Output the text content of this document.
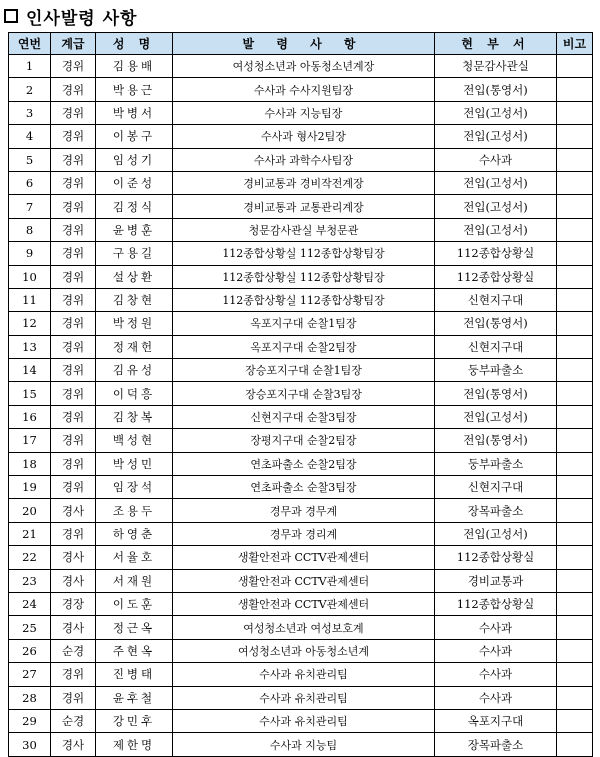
인사발령 사항
연번	계급	성 명	발 령 사 항	현 부 서	비고
1	경위	김용배	여성청소년과 아동청소년계장	청문감사관실	
2	경위	박용근	수사과 수사지원팀장	전입(통영서)	
3	경위	박병서	수사과 지능팀장	전입(고성서)	
4	경위	이봉구	수사과 형사2팀장	전입(고성서)	
5	경위	임성기	수사과 과학수사팀장	수사과	
6	경위	이준성	경비교통과 경비작전계장	전입(고성서)	
7	경위	김정식	경비교통과 교통관리계장	전입(고성서)	
8	경위	윤병훈	청문감사관실 부청문관	전입(고성서)	
9	경위	구용길	112종합상황실 112종합상황팀장	112종합상황실	
10	경위	설상환	112종합상황실 112종합상황팀장	112종합상황실	
11	경위	김창현	112종합상황실 112종합상황팀장	신현지구대	
12	경위	박정원	옥포지구대 순찰1팀장	전입(통영서)	
13	경위	정재헌	옥포지구대 순찰2팀장	신현지구대	
14	경위	김유성	장승포지구대 순찰1팀장	둥부파출소	
15	경위	이덕흥	장승포지구대 순찰3팀장	전입(통영서)	
16	경위	김창복	신현지구대 순찰3팀장	전입(고성서)	
17	경위	백성현	장평지구대 순찰2팀장	전입(통영서)	
18	경위	박성민	연초파출소 순찰2팀장	둥부파출소	
19	경위	임장석	연초파출소 순찰3팀장	신현지구대	
20	경사	조용두	경무과 경무계	장목파출소	
21	경위	하영춘	경무과 경리계	전입(고성서)	
22	경사	서율호	생활안전과 CCTV관제센터	112종합상황실	
23	경사	서재원	생활안전과 CCTV관제센터	경비교통과	
24	경장	이도훈	생활안전과 CCTV관제센터	112종합상황실	
25	경사	정근옥	여성청소년과 여성보호계	수사과	
26	순경	주현옥	여성청소년과 아동청소년계	수사과	
27	경위	진병태	수사과 유치관리팀	수사과	
28	경위	윤후철	수사과 유치관리팀	수사과	
29	순경	강민후	수사과 유치관리팀	옥포지구대	
30	경사	제한명	수사과 지능팀	장목파출소	
